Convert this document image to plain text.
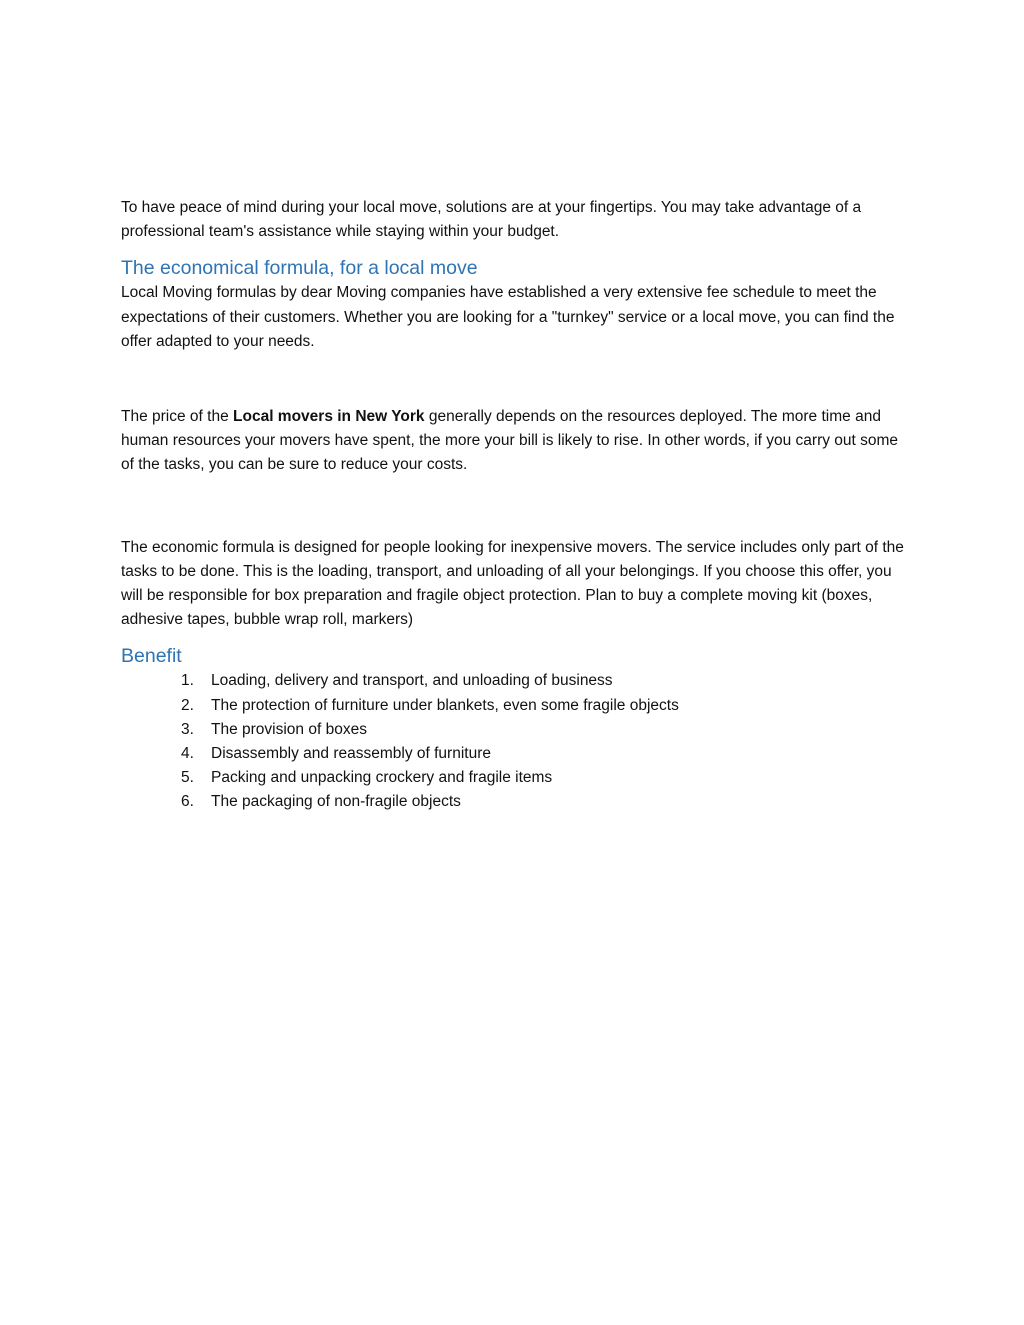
To have peace of mind during your local move, solutions are at your fingertips. You may take advantage of a professional team's assistance while staying within your budget.

The economical formula, for a local move

Local Moving formulas by dear Moving companies have established a very extensive fee schedule to meet the expectations of their customers. Whether you are looking for a "turnkey" service or a local move, you can find the offer adapted to your needs.

The price of the Local movers in New York generally depends on the resources deployed. The more time and human resources your movers have spent, the more your bill is likely to rise. In other words, if you carry out some of the tasks, you can be sure to reduce your costs.

The economic formula is designed for people looking for inexpensive movers. The service includes only part of the tasks to be done. This is the loading, transport, and unloading of all your belongings. If you choose this offer, you will be responsible for box preparation and fragile object protection. Plan to buy a complete moving kit (boxes, adhesive tapes, bubble wrap roll, markers)

Benefit
1. Loading, delivery and transport, and unloading of business
2. The protection of furniture under blankets, even some fragile objects
3. The provision of boxes
4. Disassembly and reassembly of furniture
5. Packing and unpacking crockery and fragile items
6. The packaging of non-fragile objects
